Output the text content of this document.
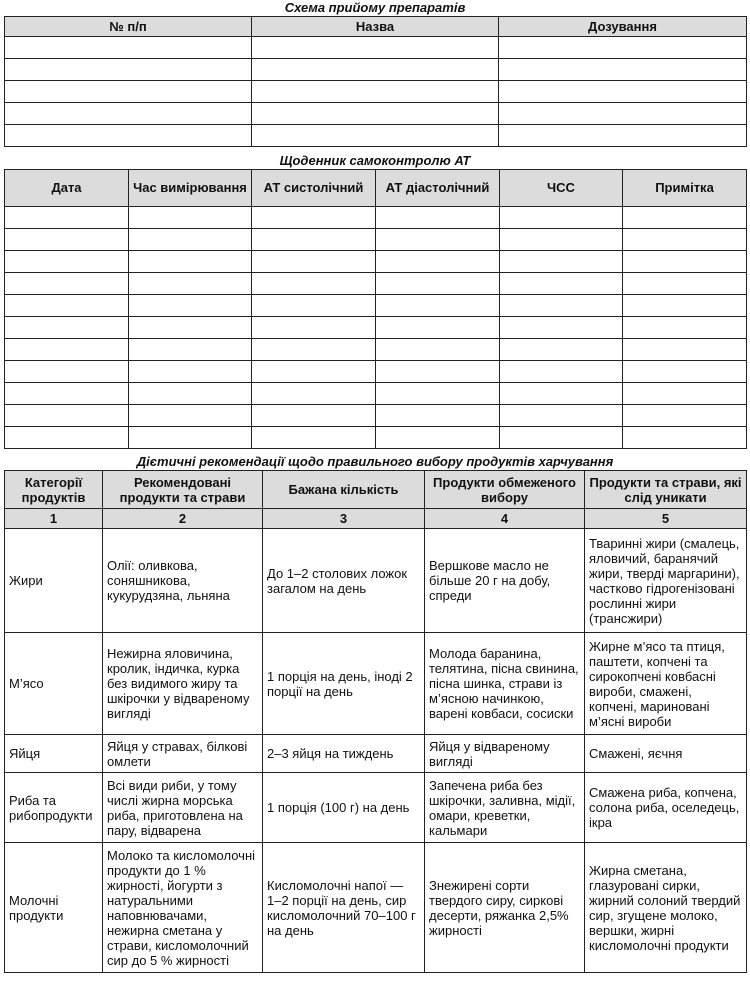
Схема прийому препаратів

№ п/п	Назва	Дозування

Щоденник самоконтролю АТ

Дата	Час вимірювання	АТ систолічний	АТ діастолічний	ЧСС	Примітка

Дієтичні рекомендації щодо правильного вибору продуктів харчування

Категорії продуктів	Рекомендовані продукти та страви	Бажана кількість	Продукти обмеженого вибору	Продукти та страви, які слід уникати
1	2	3	4	5
Жири	Олії: оливкова, соняшникова, кукурудзяна, льняна	До 1–2 столових ложок загалом на день	Вершкове масло не більше 20 г на добу, спреди	Тваринні жири (смалець, яловичий, баранячий жири, тверді маргарини), частково гідрогенізовані рослинні жири (трансжири)
М’ясо	Нежирна яловичина, кролик, індичка, курка без видимого жиру та шкірочки у відвареному вигляді	1 порція на день, іноді 2 порції на день	Молода баранина, телятина, пісна свинина, пісна шинка, страви із м’ясною начинкою, варені ковбаси, сосиски	Жирне м’ясо та птиця, паштети, копчені та сирокопчені ковбасні вироби, смажені, копчені, мариновані м’ясні вироби
Яйця	Яйця у стравах, білкові омлети	2–3 яйця на тиждень	Яйця у відвареному вигляді	Смажені, яєчня
Риба та рибопродукти	Всі види риби, у тому числі жирна морська риба, приготовлена на пару, відварена	1 порція (100 г) на день	Запечена риба без шкірочки, заливна, мідії, омари, креветки, кальмари	Смажена риба, копчена, солона риба, оселедець, ікра
Молочні продукти	Молоко та кисломолочні продукти до 1 % жирності, йогурти з натуральними наповнювачами, нежирна сметана у страви, кисломолочний сир до 5 % жирності	Кисломолочні напої — 1–2 порції на день, сир кисломолочний 70–100 г на день	Знежирені сорти твердого сиру, сиркові десерти, ряжанка 2,5% жирності	Жирна сметана, глазуровані сирки, жирний солоний твердий сир, згущене молоко, вершки, жирні кисломолочні продукти
